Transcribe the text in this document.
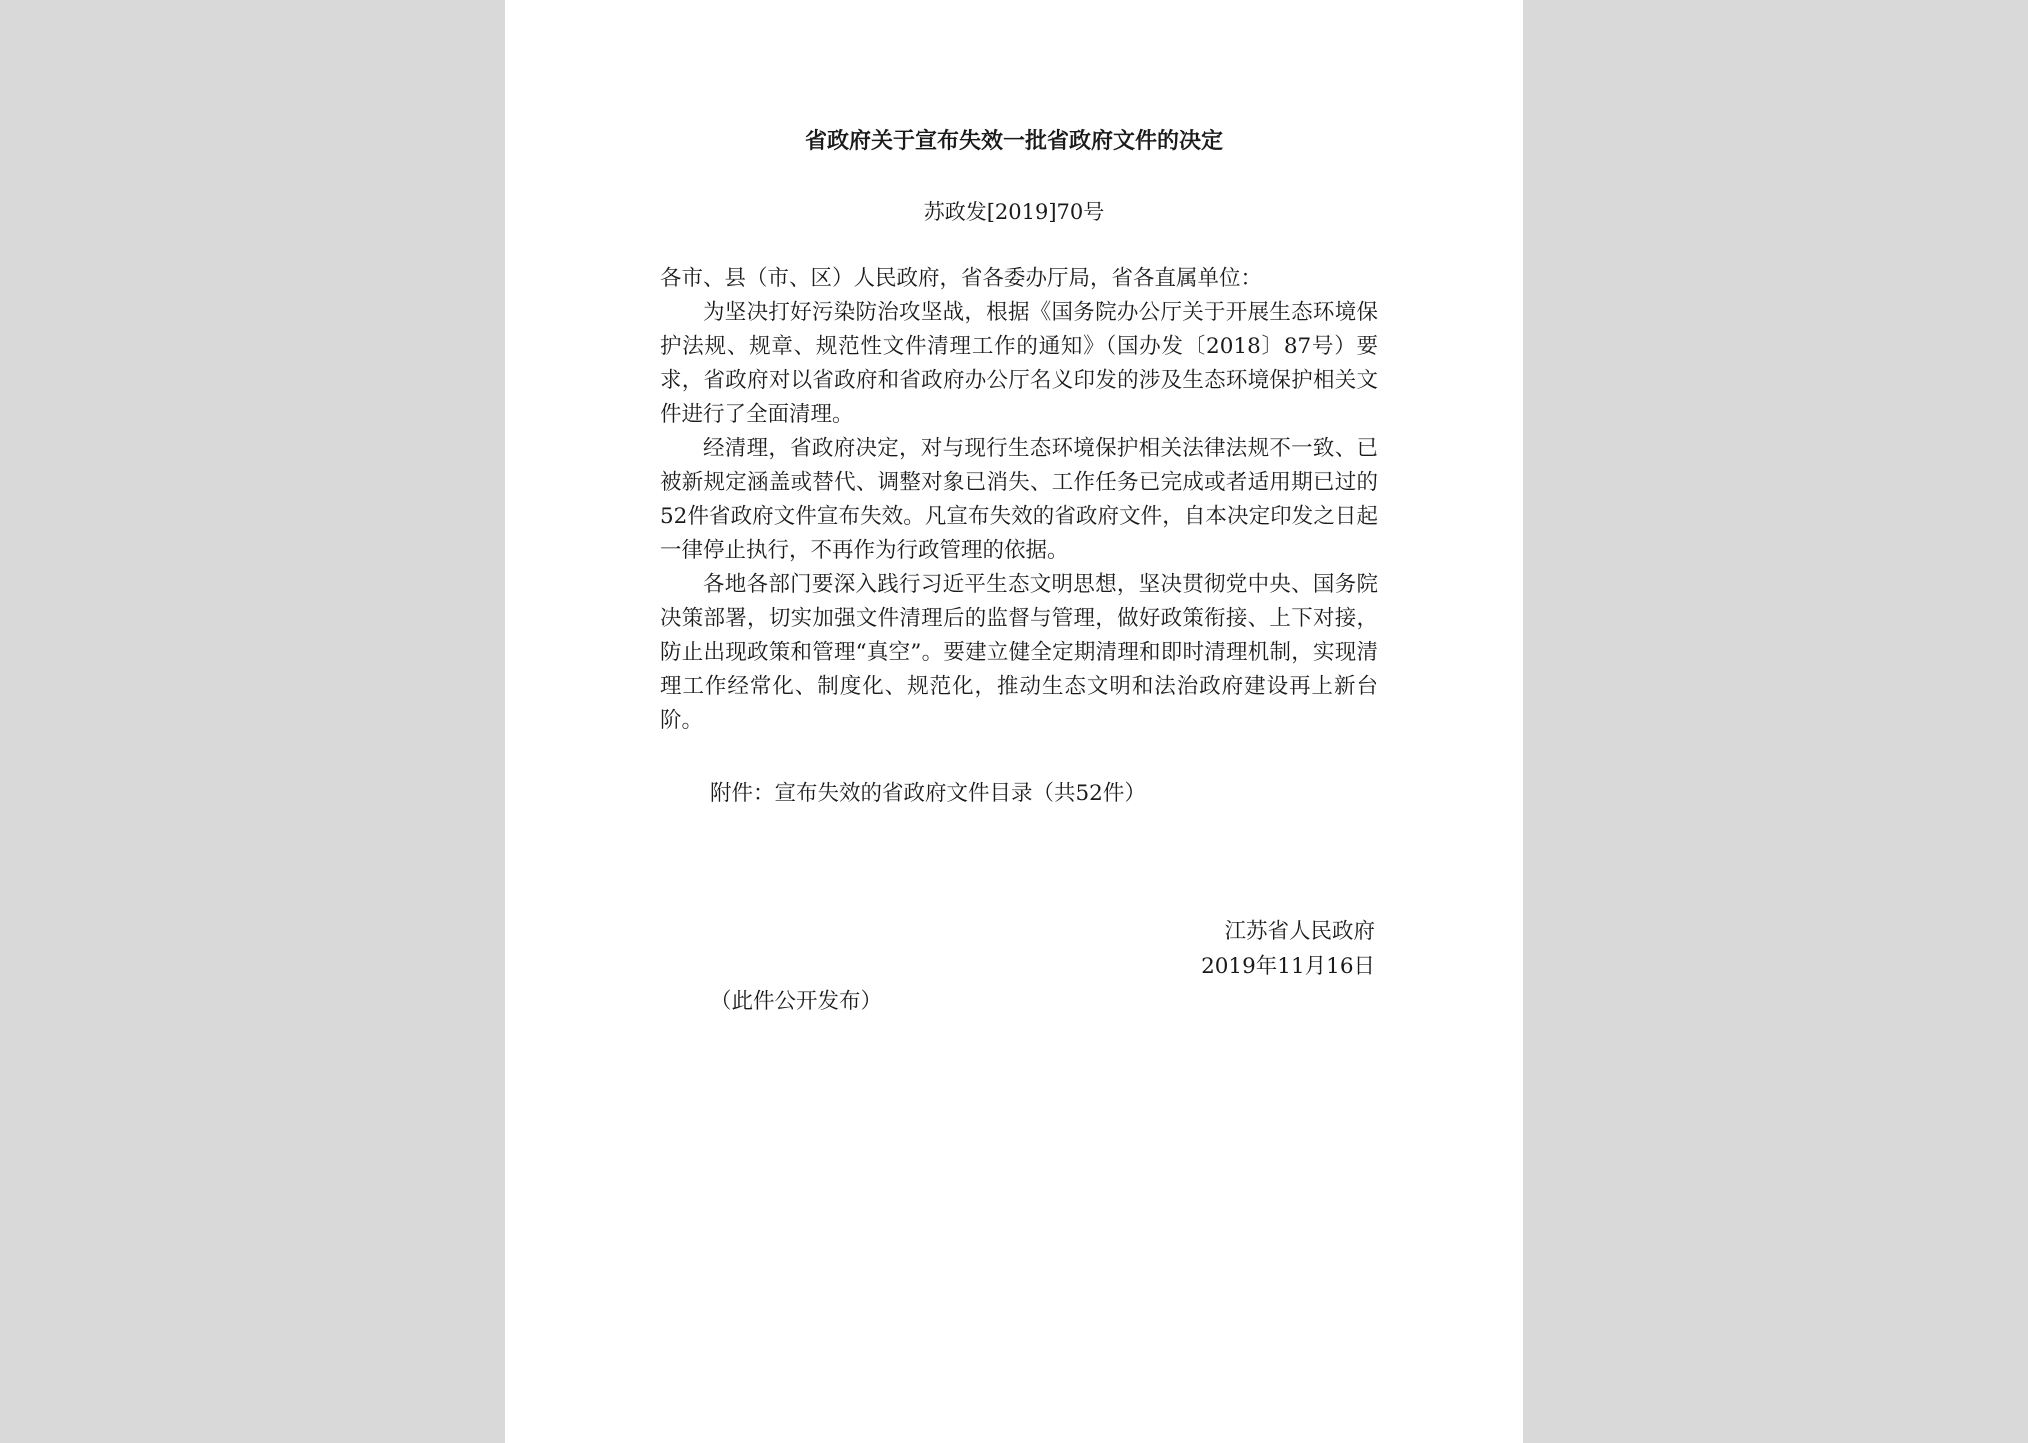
省政府关于宣布失效一批省政府文件的决定
苏政发[2019]70号

各市、县（市、区）人民政府，省各委办厅局，省各直属单位：

为坚决打好污染防治攻坚战，根据《国务院办公厅关于开展生态环境保护法规、规章、规范性文件清理工作的通知》（国办发〔2018〕87号）要求，省政府对以省政府和省政府办公厅名义印发的涉及生态环境保护相关文件进行了全面清理。

经清理，省政府决定，对与现行生态环境保护相关法律法规不一致、已被新规定涵盖或替代、调整对象已消失、工作任务已完成或者适用期已过的52件省政府文件宣布失效。凡宣布失效的省政府文件，自本决定印发之日起一律停止执行，不再作为行政管理的依据。

各地各部门要深入践行习近平生态文明思想，坚决贯彻党中央、国务院决策部署，切实加强文件清理后的监督与管理，做好政策衔接、上下对接，防止出现政策和管理“真空”。要建立健全定期清理和即时清理机制，实现清理工作经常化、制度化、规范化，推动生态文明和法治政府建设再上新台阶。

附件：宣布失效的省政府文件目录（共52件）
江苏省人民政府
2019年11月16日
（此件公开发布）
